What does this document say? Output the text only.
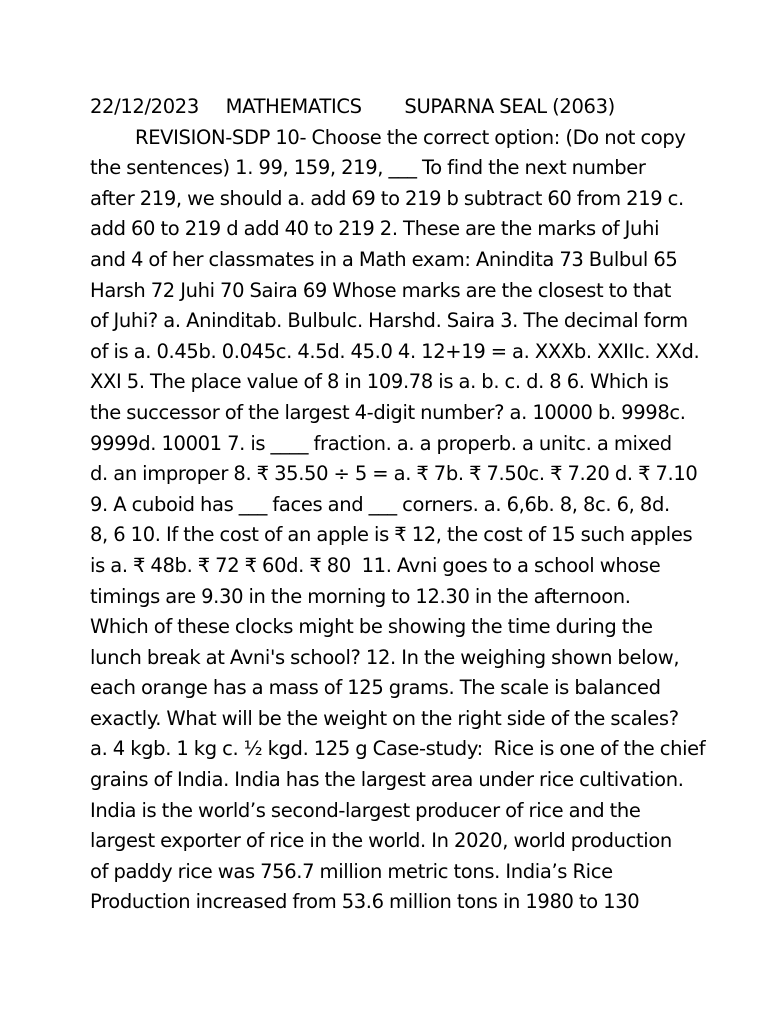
22/12/2023     MATHEMATICS        SUPARNA SEAL (2063)
REVISION-SDP 10- Choose the correct option: (Do not copy
the sentences) 1. 99, 159, 219, ___ To find the next number
after 219, we should a. add 69 to 219 b subtract 60 from 219 c.
add 60 to 219 d add 40 to 219 2. These are the marks of Juhi
and 4 of her classmates in a Math exam: Anindita 73 Bulbul 65
Harsh 72 Juhi 70 Saira 69 Whose marks are the closest to that
of Juhi? a. Aninditab. Bulbulc. Harshd. Saira 3. The decimal form
of is a. 0.45b. 0.045c. 4.5d. 45.0 4. 12+19 = a. XXXb. XXIIc. XXd.
XXI 5. The place value of 8 in 109.78 is a. b. c. d. 8 6. Which is
the successor of the largest 4-digit number? a. 10000 b. 9998c.
9999d. 10001 7. is ____ fraction. a. a properb. a unitc. a mixed
d. an improper 8. ₹ 35.50 ÷ 5 = a. ₹ 7b. ₹ 7.50c. ₹ 7.20 d. ₹ 7.10
9. A cuboid has ___ faces and ___ corners. a. 6,6b. 8, 8c. 6, 8d.
8, 6 10. If the cost of an apple is ₹ 12, the cost of 15 such apples
is a. ₹ 48b. ₹ 72 ₹ 60d. ₹ 80  11. Avni goes to a school whose
timings are 9.30 in the morning to 12.30 in the afternoon.
Which of these clocks might be showing the time during the
lunch break at Avni's school? 12. In the weighing shown below,
each orange has a mass of 125 grams. The scale is balanced
exactly. What will be the weight on the right side of the scales?
a. 4 kgb. 1 kg c. ½ kgd. 125 g Case-study:  Rice is one of the chief
grains of India. India has the largest area under rice cultivation.
India is the world’s second-largest producer of rice and the
largest exporter of rice in the world. In 2020, world production
of paddy rice was 756.7 million metric tons. India’s Rice
Production increased from 53.6 million tons in 1980 to 130
